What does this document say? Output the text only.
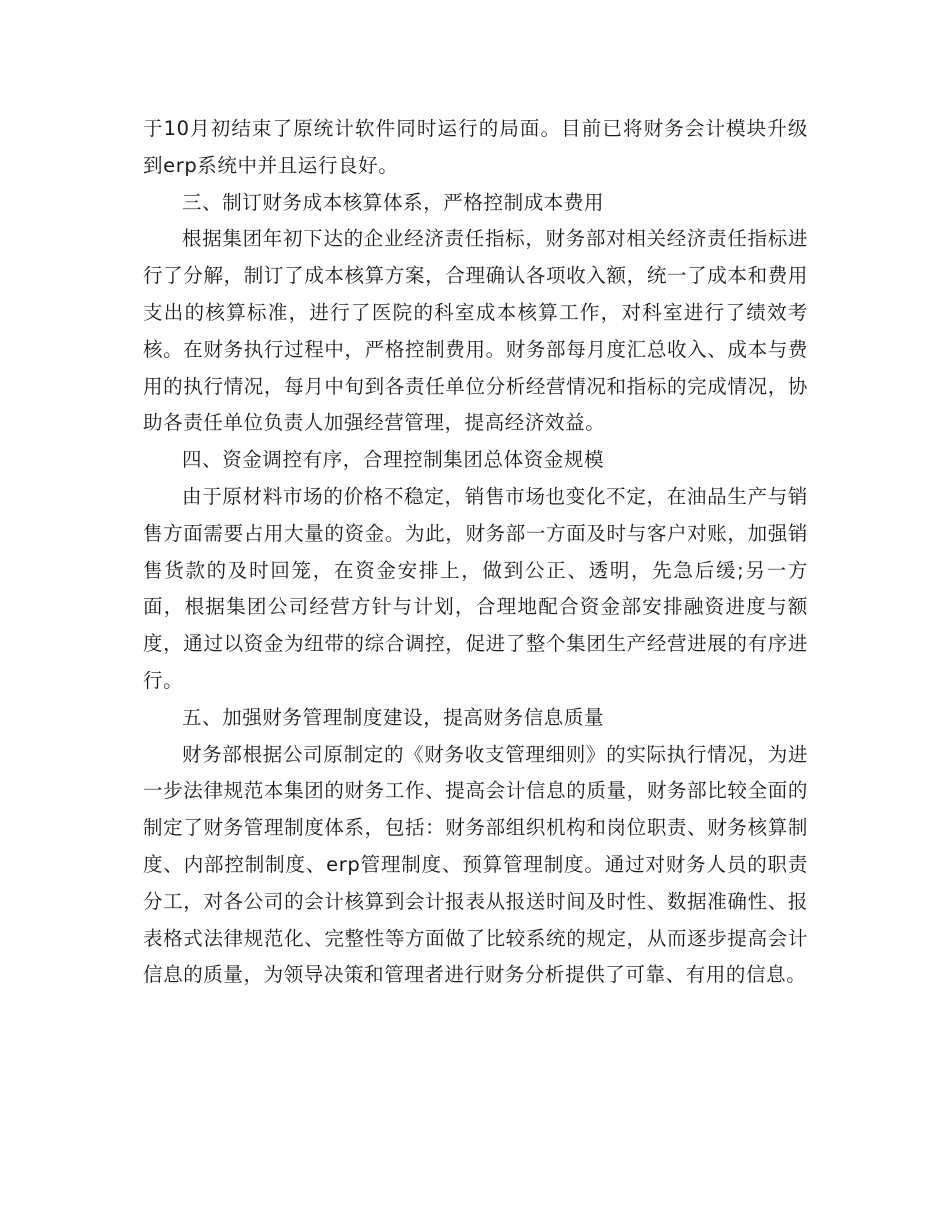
于10月初结束了原统计软件同时运行的局面。目前已将财务会计模块升级到erp系统中并且运行良好。

三、制订财务成本核算体系，严格控制成本费用

根据集团年初下达的企业经济责任指标，财务部对相关经济责任指标进行了分解，制订了成本核算方案，合理确认各项收入额，统一了成本和费用支出的核算标准，进行了医院的科室成本核算工作，对科室进行了绩效考核。在财务执行过程中，严格控制费用。财务部每月度汇总收入、成本与费用的执行情况，每月中旬到各责任单位分析经营情况和指标的完成情况，协助各责任单位负责人加强经营管理，提高经济效益。

四、资金调控有序，合理控制集团总体资金规模

由于原材料市场的价格不稳定，销售市场也变化不定，在油品生产与销售方面需要占用大量的资金。为此，财务部一方面及时与客户对账，加强销售货款的及时回笼，在资金安排上，做到公正、透明，先急后缓;另一方面，根据集团公司经营方针与计划，合理地配合资金部安排融资进度与额度，通过以资金为纽带的综合调控，促进了整个集团生产经营进展的有序进行。

五、加强财务管理制度建设，提高财务信息质量

财务部根据公司原制定的《财务收支管理细则》的实际执行情况，为进一步法律规范本集团的财务工作、提高会计信息的质量，财务部比较全面的制定了财务管理制度体系，包括：财务部组织机构和岗位职责、财务核算制度、内部控制制度、erp管理制度、预算管理制度。通过对财务人员的职责分工，对各公司的会计核算到会计报表从报送时间及时性、数据准确性、报表格式法律规范化、完整性等方面做了比较系统的规定，从而逐步提高会计信息的质量，为领导决策和管理者进行财务分析提供了可靠、有用的信息。
